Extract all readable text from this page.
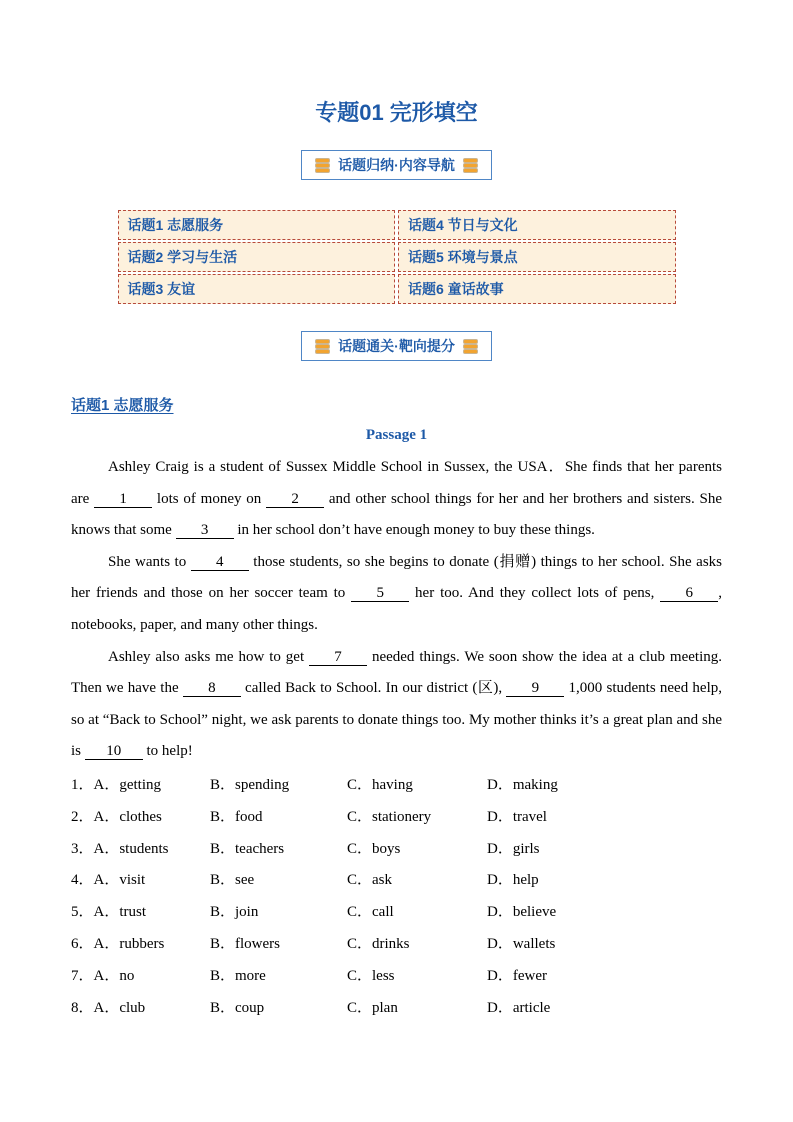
专题01 完形填空
话题归纳·内容导航
话题1 志愿服务	话题4 节日与文化
话题2 学习与生活	话题5 环境与景点
话题3 友谊	话题6 童话故事
话题通关·靶向提分
话题1 志愿服务
Passage 1

Ashley Craig is a student of Sussex Middle School in Sussex, the USA．She finds that her parents are 1 lots of money on 2 and other school things for her and her brothers and sisters. She knows that some 3 in her school don’t have enough money to buy these things.

She wants to 4 those students, so she begins to donate (捐赠) things to her school. She asks her friends and those on her soccer team to 5 her too. And they collect lots of pens, 6 , notebooks, paper, and many other things.

Ashley also asks me how to get 7 needed things. We soon show the idea at a club meeting. Then we have the 8 called Back to School. In our district (区), 9 1,000 students need help, so at “Back to School” night, we ask parents to donate things too. My mother thinks it’s a great plan and she is 10 to help!

1．A．getting	B．spending	C．having	D．making
2．A．clothes	B．food	C．stationery	D．travel
3．A．students	B．teachers	C．boys	D．girls
4．A．visit	B．see	C．ask	D．help
5．A．trust	B．join	C．call	D．believe
6．A．rubbers	B．flowers	C．drinks	D．wallets
7．A．no	B．more	C．less	D．fewer
8．A．club	B．coup	C．plan	D．article
